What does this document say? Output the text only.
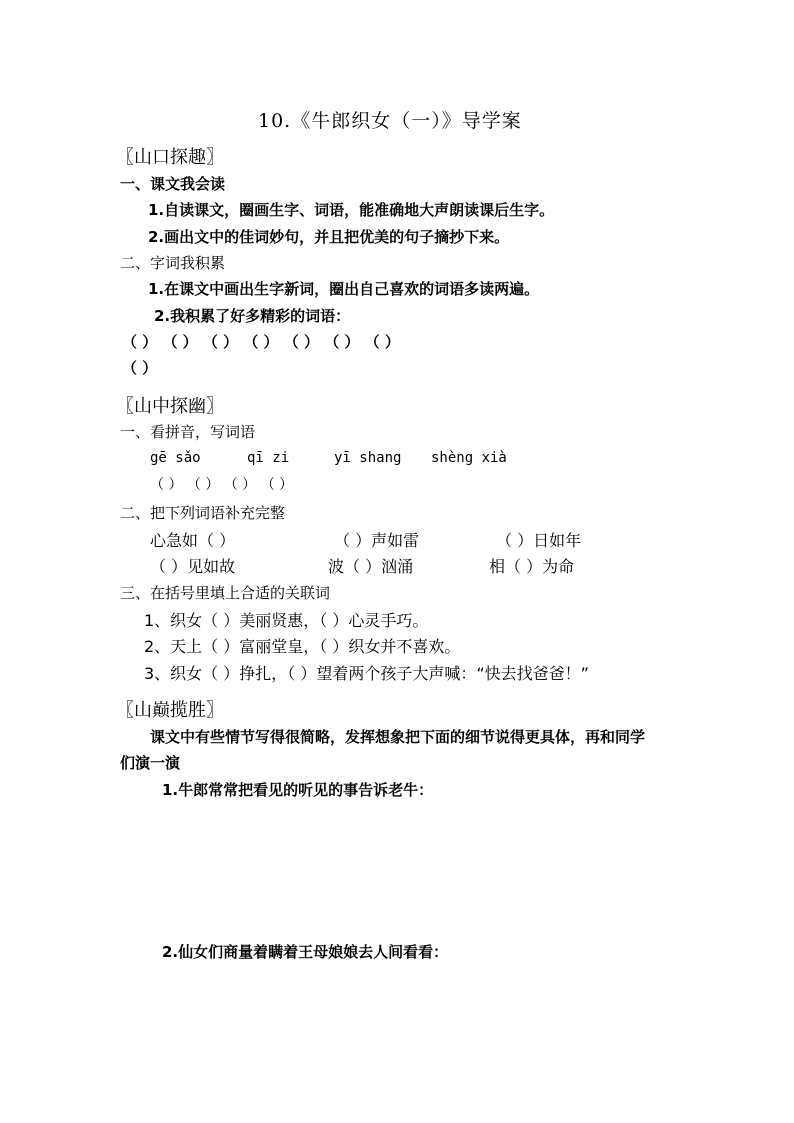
10.《牛郎织女（一）》导学案
〖山口探趣〗
一、课文我会读
1.自读课文，圈画生字、词语，能准确地大声朗读课后生字。
2.画出文中的佳词妙句，并且把优美的句子摘抄下来。
二、字词我积累
1.在课文中画出生字新词，圈出自己喜欢的词语多读两遍。
2.我积累了好多精彩的词语：
（ ） （ ） （ ） （ ） （ ） （ ） （ ）
（ ）
〖山中探幽〗
一、看拼音，写词语
gē sǎo	qī zi	yī shang shèng xià
（ ） （ ） （ ） （ ）
二、把下列词语补充完整
心急如（ ）	（ ）声如雷	（ ）日如年
（ ）见如故	波（ ）汹涌	相（ ）为命
三、在括号里填上合适的关联词
1、织女（ ）美丽贤惠，（ ）心灵手巧。
2、天上（ ）富丽堂皇，（ ）织女并不喜欢。
3、织女（ ）挣扎，（ ）望着两个孩子大声喊：“快去找爸爸！”
〖山巅揽胜〗
课文中有些情节写得很简略，发挥想象把下面的细节说得更具体，再和同学
们演一演
1.牛郎常常把看见的听见的事告诉老牛：
2.仙女们商量着瞒着王母娘娘去人间看看：
